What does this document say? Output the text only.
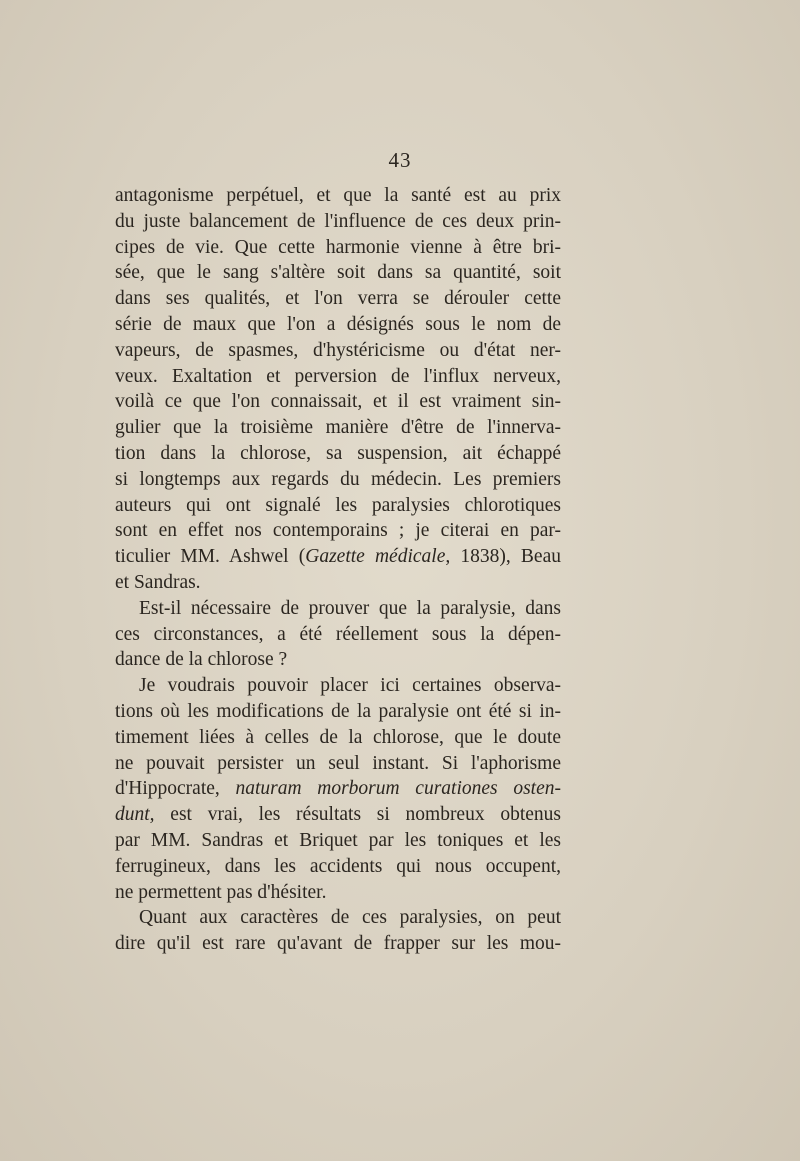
43
antagonisme perpétuel, et que la santé est au prix
du juste balancement de l'influence de ces deux prin-
cipes de vie. Que cette harmonie vienne à être bri-
sée, que le sang s'altère soit dans sa quantité, soit
dans ses qualités, et l'on verra se dérouler cette
série de maux que l'on a désignés sous le nom de
vapeurs, de spasmes, d'hystéricisme ou d'état ner-
veux. Exaltation et perversion de l'influx nerveux,
voilà ce que l'on connaissait, et il est vraiment sin-
gulier que la troisième manière d'être de l'innerva-
tion dans la chlorose, sa suspension, ait échappé
si longtemps aux regards du médecin. Les premiers
auteurs qui ont signalé les paralysies chlorotiques
sont en effet nos contemporains ; je citerai en par-
ticulier MM. Ashwel (Gazette médicale, 1838), Beau
et Sandras.
Est-il nécessaire de prouver que la paralysie, dans
ces circonstances, a été réellement sous la dépen-
dance de la chlorose ?
Je voudrais pouvoir placer ici certaines observa-
tions où les modifications de la paralysie ont été si in-
timement liées à celles de la chlorose, que le doute
ne pouvait persister un seul instant. Si l'aphorisme
d'Hippocrate, naturam morborum curationes osten-
dunt, est vrai, les résultats si nombreux obtenus
par MM. Sandras et Briquet par les toniques et les
ferrugineux, dans les accidents qui nous occupent,
ne permettent pas d'hésiter.
Quant aux caractères de ces paralysies, on peut
dire qu'il est rare qu'avant de frapper sur les mou-
